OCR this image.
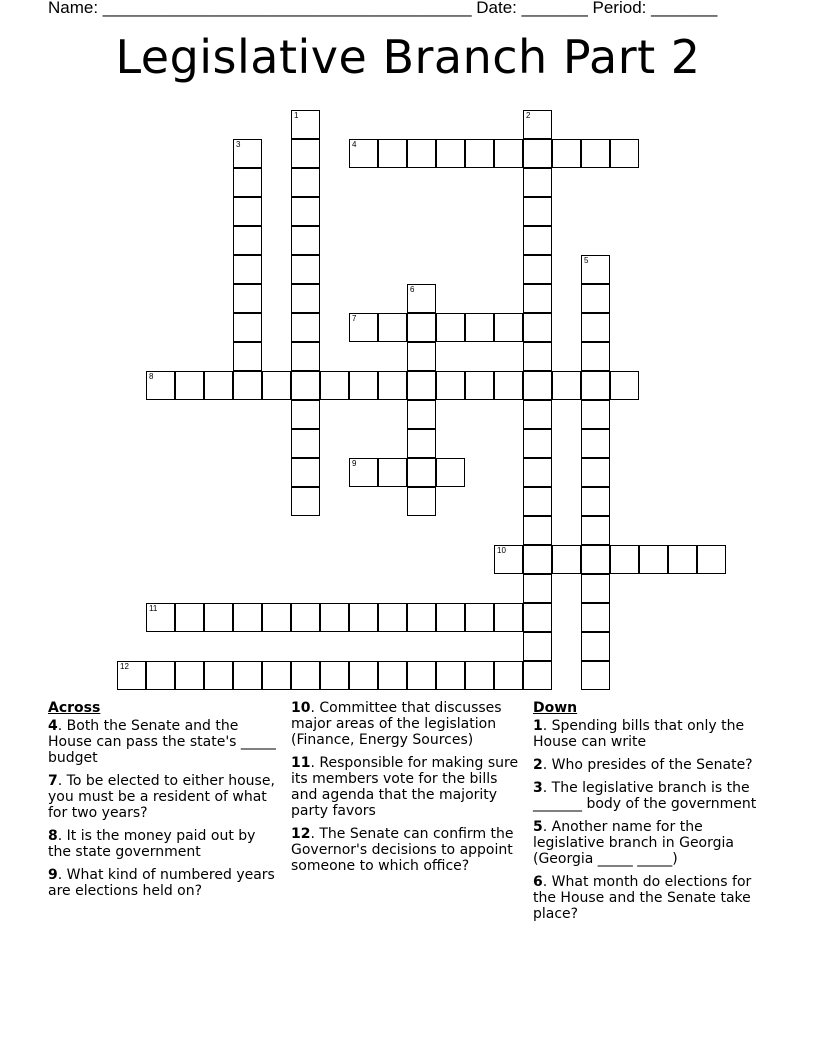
Name: _______________________________________ Date: _______ Period: _______
Legislative Branch Part 2
1
3
2
5
6
4
7
8
9
10
11
12
Across
4. Both the Senate and the House can pass the state's _____ budget
7. To be elected to either house, you must be a resident of what for two years?
8. It is the money paid out by the state government
9. What kind of numbered years are elections held on?
10. Committee that discusses major areas of the legislation (Finance, Energy Sources)
11. Responsible for making sure its members vote for the bills and agenda that the majority party favors
12. The Senate can confirm the Governor's decisions to appoint someone to which office?
Down
1. Spending bills that only the House can write
2. Who presides of the Senate?
3. The legislative branch is the _______ body of the government
5. Another name for the legislative branch in Georgia (Georgia _____ _____)
6. What month do elections for the House and the Senate take place?
